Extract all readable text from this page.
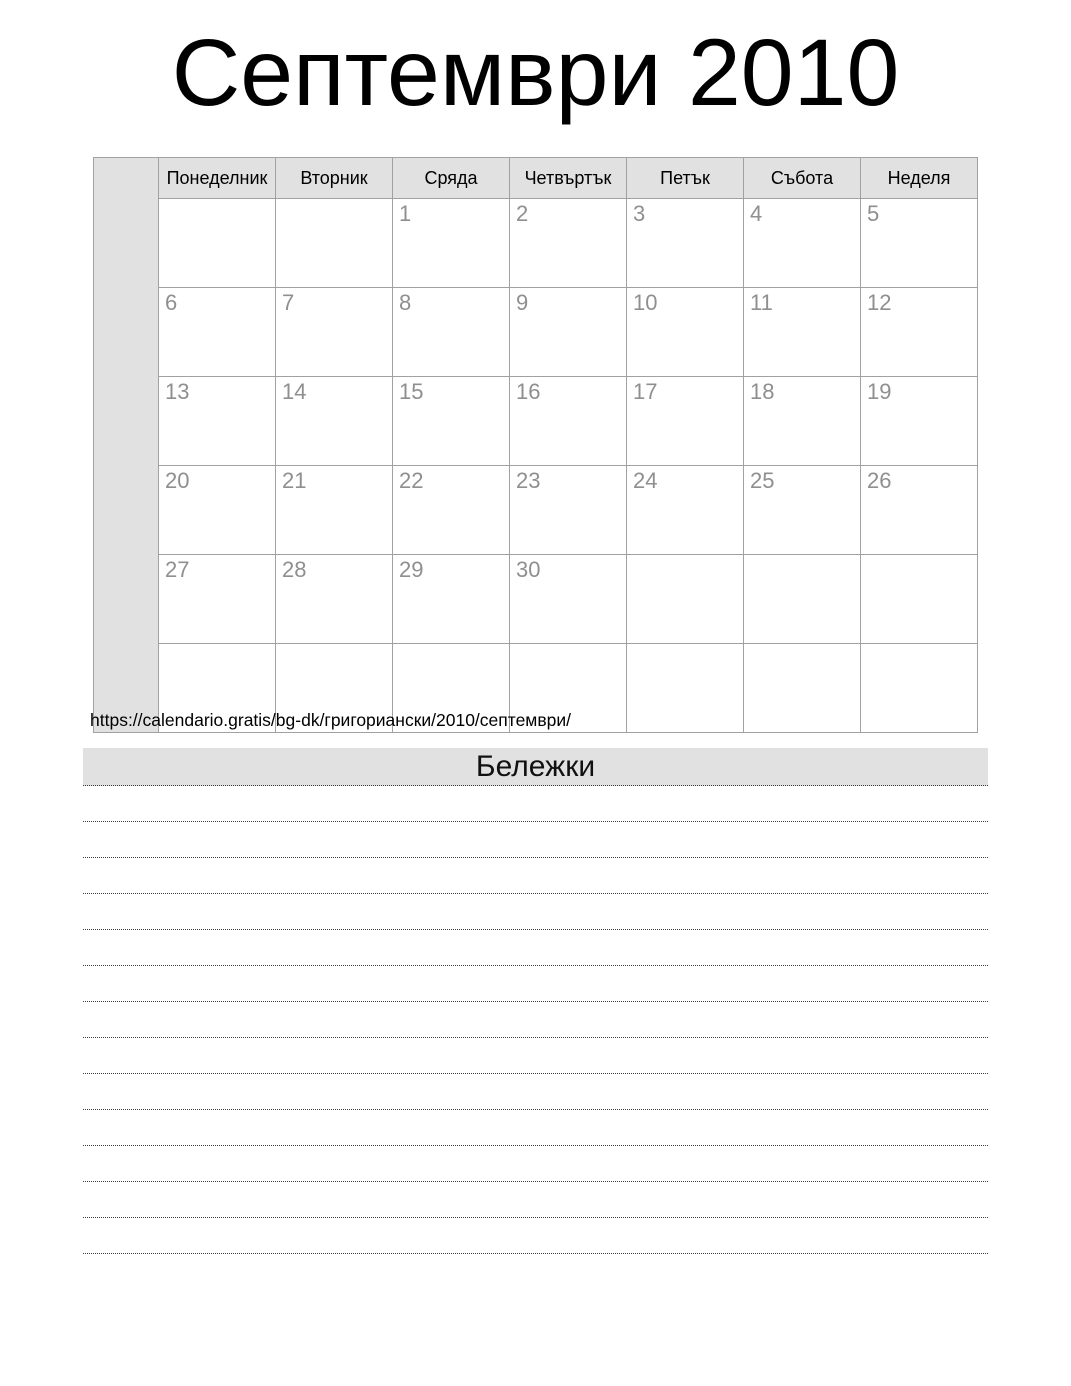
Септември 2010
	Понеделник	Вторник	Сряда	Четвъртък	Петък	Събота	Неделя
			1	2	3	4	5
	6	7	8	9	10	11	12
	13	14	15	16	17	18	19
	20	21	22	23	24	25	26
	27	28	29	30			

https://calendario.gratis/bg-dk/григориански/2010/септември/
Бележки
